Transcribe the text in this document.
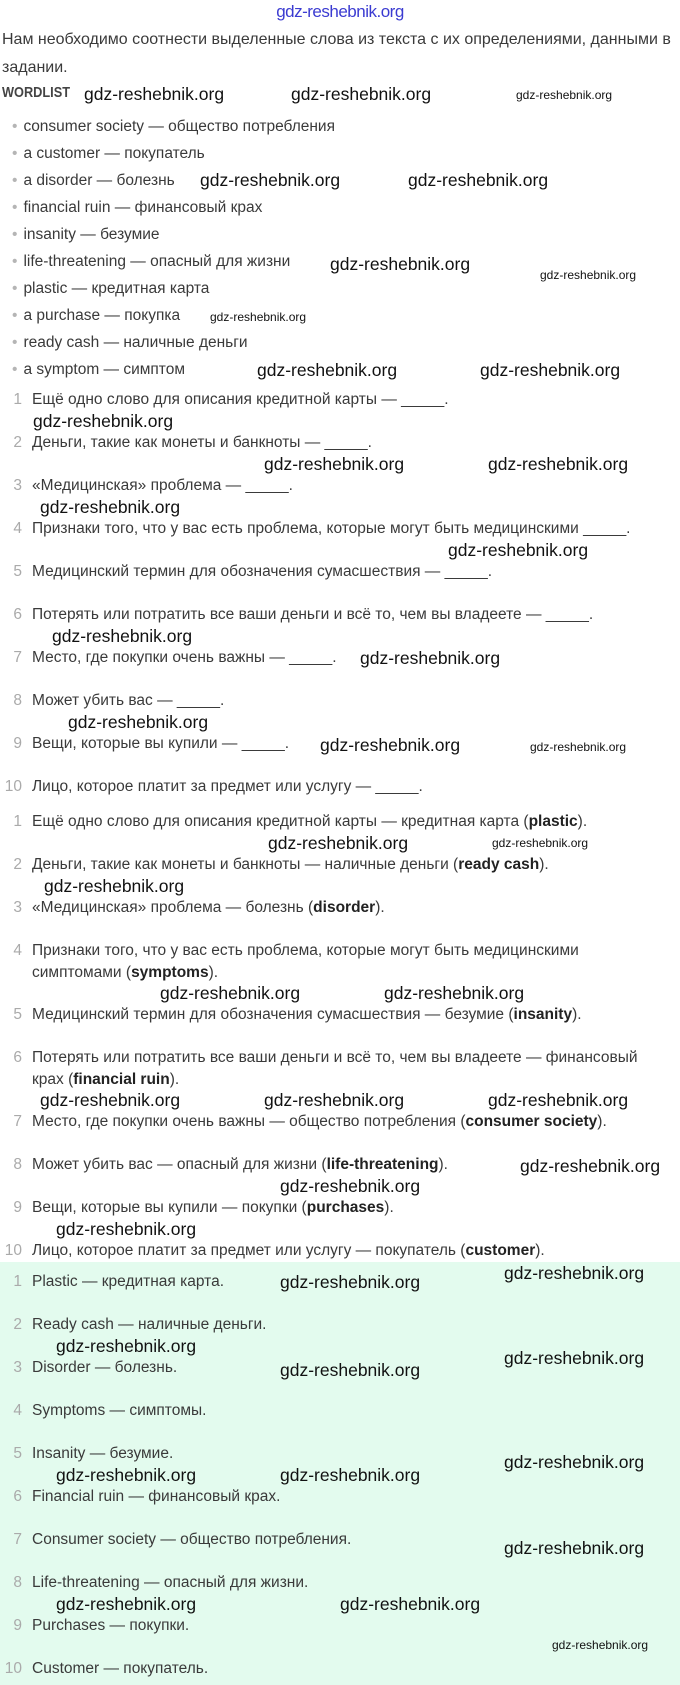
gdz-reshebnik.org
Нам необходимо соотнести выделенные слова из текста с их определениями, данными в задании.
WORDLIST
• consumer society — общество потребления
• a customer — покупатель
• a disorder — болезнь
• financial ruin — финансовый крах
• insanity — безумие
• life-threatening — опасный для жизни
• plastic — кредитная карта
• a purchase — покупка
• ready cash — наличные деньги
• a symptom — симптом
1 Ещё одно слово для описания кредитной карты — _____.
2 Деньги, такие как монеты и банкноты — _____.
3 «Медицинская» проблема — _____.
4 Признаки того, что у вас есть проблема, которые могут быть медицинскими _____.
5 Медицинский термин для обозначения сумасшествия — _____.
6 Потерять или потратить все ваши деньги и всё то, чем вы владеете — _____.
7 Место, где покупки очень важны — _____.
8 Может убить вас — _____.
9 Вещи, которые вы купили — _____.
10 Лицо, которое платит за предмет или услугу — _____.
1 Ещё одно слово для описания кредитной карты — кредитная карта (plastic).
2 Деньги, такие как монеты и банкноты — наличные деньги (ready cash).
3 «Медицинская» проблема — болезнь (disorder).
4 Признаки того, что у вас есть проблема, которые могут быть медицинскими симптомами (symptoms).
5 Медицинский термин для обозначения сумасшествия — безумие (insanity).
6 Потерять или потратить все ваши деньги и всё то, чем вы владеете — финансовый крах (financial ruin).
7 Место, где покупки очень важны — общество потребления (consumer society).
8 Может убить вас — опасный для жизни (life-threatening).
9 Вещи, которые вы купили — покупки (purchases).
10 Лицо, которое платит за предмет или услугу — покупатель (customer).
1 Plastic — кредитная карта.
2 Ready cash — наличные деньги.
3 Disorder — болезнь.
4 Symptoms — симптомы.
5 Insanity — безумие.
6 Financial ruin — финансовый крах.
7 Consumer society — общество потребления.
8 Life-threatening — опасный для жизни.
9 Purchases — покупки.
10 Customer — покупатель.
gdz-reshebnik.org	gdz-reshebnik.org	gdz-reshebnik.org
gdz-reshebnik.org	gdz-reshebnik.org
gdz-reshebnik.org
gdz-reshebnik.org
gdz-reshebnik.org
gdz-reshebnik.org	gdz-reshebnik.org
gdz-reshebnik.org
gdz-reshebnik.org	gdz-reshebnik.org
gdz-reshebnik.org
gdz-reshebnik.org
gdz-reshebnik.org
gdz-reshebnik.org
gdz-reshebnik.org
gdz-reshebnik.org	gdz-reshebnik.org
gdz-reshebnik.org	gdz-reshebnik.org
gdz-reshebnik.org
gdz-reshebnik.org
gdz-reshebnik.org
gdz-reshebnik.org
gdz-reshebnik.org	gdz-reshebnik.org
gdz-reshebnik.org
gdz-reshebnik.org
gdz-reshebnik.org
gdz-reshebnik.org
gdz-reshebnik.org
gdz-reshebnik.org
gdz-reshebnik.org
gdz-reshebnik.org
gdz-reshebnik.org
gdz-reshebnik.org
gdz-reshebnik.org
gdz-reshebnik.org
gdz-reshebnik.org
gdz-reshebnik.org
gdz-reshebnik.org
